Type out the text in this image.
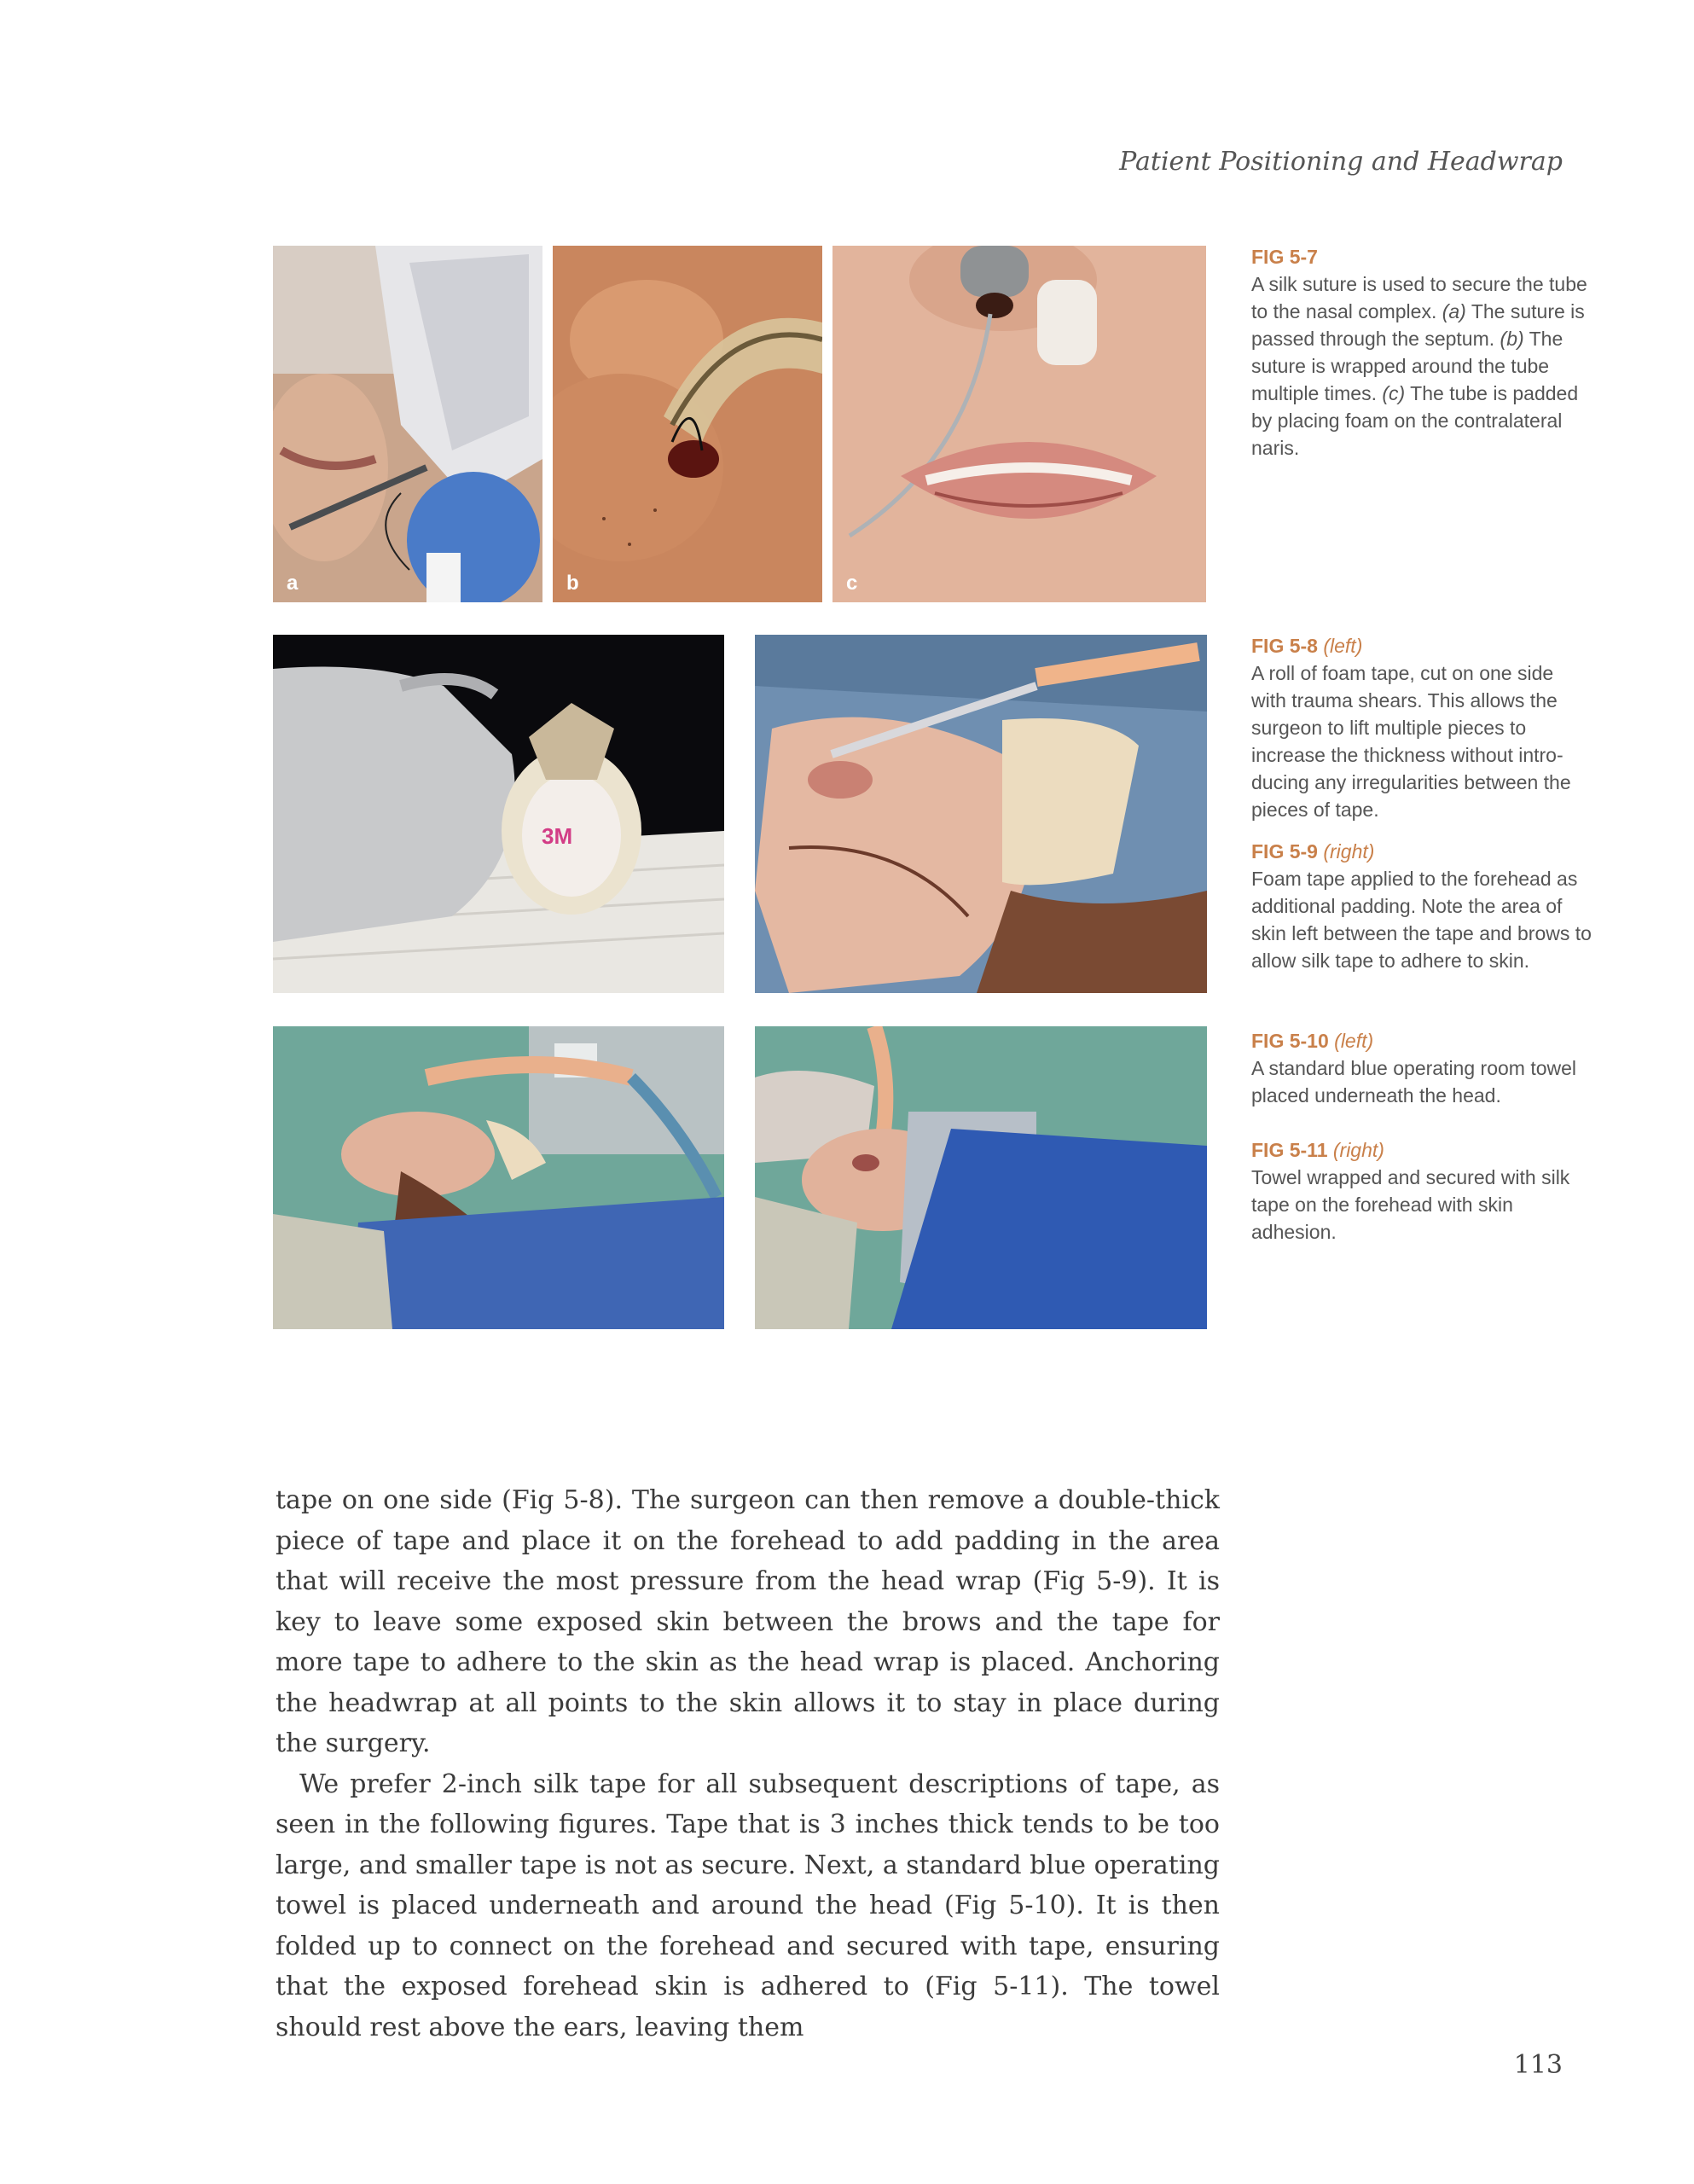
Patient Positioning and Headwrap
a	b	c
3M
FIG 5-7
A silk suture is used to secure the tube to the nasal complex. (a) The suture is passed through the septum. (b) The suture is wrapped around the tube multiple times. (c) The tube is padded by placing foam on the contralateral naris.
FIG 5-8 (left)
A roll of foam tape, cut on one side with trauma shears. This allows the surgeon to lift multiple pieces to increase the thickness without intro-ducing any irregularities between the pieces of tape.
FIG 5-9 (right)
Foam tape applied to the forehead as additional padding. Note the area of skin left between the tape and brows to allow silk tape to adhere to skin.
FIG 5-10 (left)
A standard blue operating room towel placed underneath the head.
FIG 5-11 (right)
Towel wrapped and secured with silk tape on the forehead with skin adhesion.

tape on one side (Fig 5-8). The surgeon can then remove a double-thick piece of tape and place it on the forehead to add padding in the area that will receive the most pressure from the head wrap (Fig 5-9). It is key to leave some exposed skin between the brows and the tape for more tape to adhere to the skin as the head wrap is placed. Anchoring the headwrap at all points to the skin allows it to stay in place during the surgery.

We prefer 2-inch silk tape for all subsequent descriptions of tape, as seen in the following figures. Tape that is 3 inches thick tends to be too large, and smaller tape is not as secure. Next, a standard blue operating towel is placed underneath and around the head (Fig 5-10). It is then folded up to connect on the forehead and secured with tape, ensuring that the exposed forehead skin is adhered to (Fig 5-11). The towel should rest above the ears, leaving them

113
